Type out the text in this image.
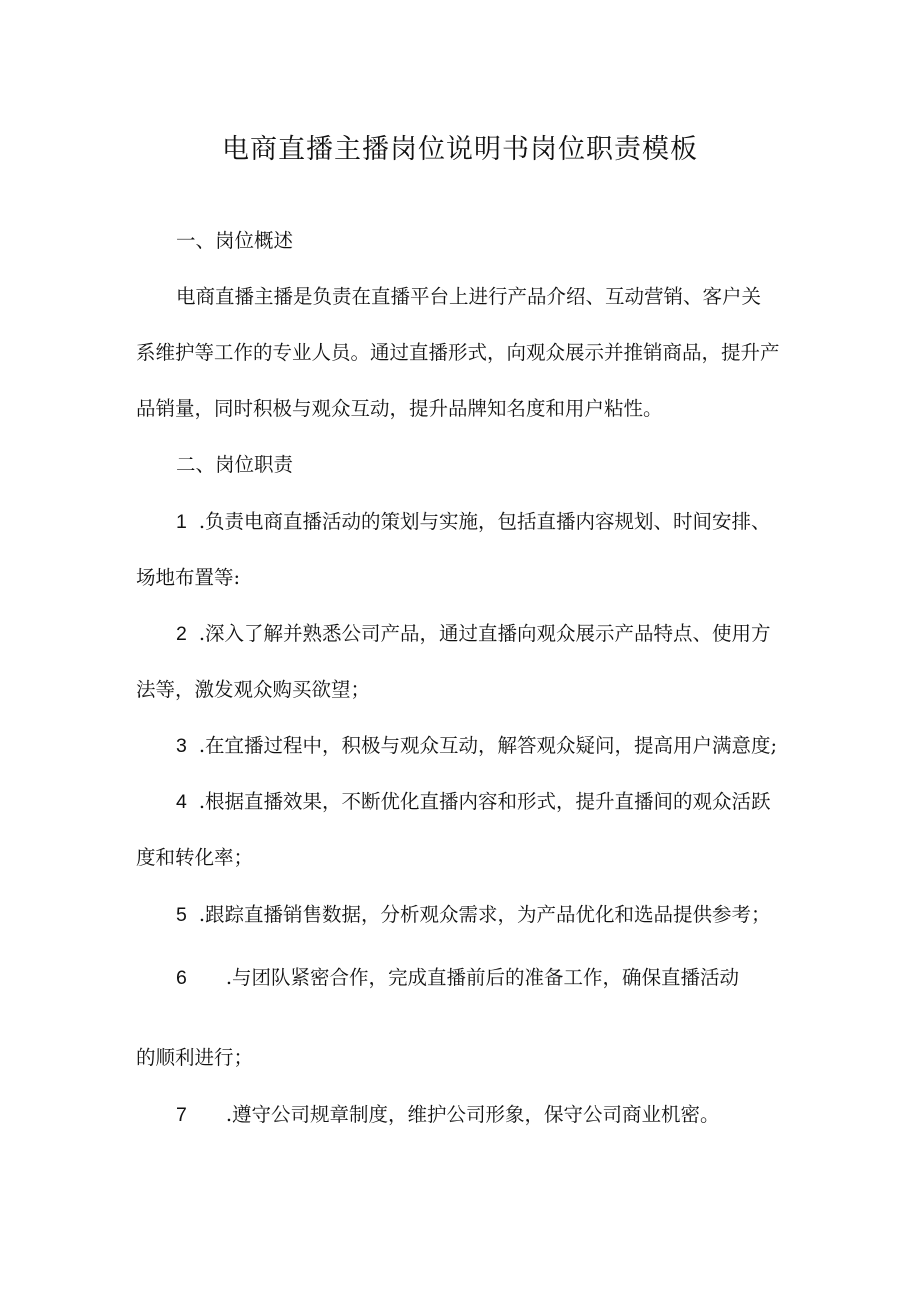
电商直播主播岗位说明书岗位职责模板
一、岗位概述
电商直播主播是负责在直播平台上进行产品介绍、互动营销、客户关
系维护等工作的专业人员。通过直播形式，向观众展示并推销商品，提升产
品销量，同时积极与观众互动，提升品牌知名度和用户粘性。
二、岗位职责
1 .负责电商直播活动的策划与实施，包括直播内容规划、时间安排、
场地布置等:
2 .深入了解并熟悉公司产品，通过直播向观众展示产品特点、使用方
法等，激发观众购买欲望；
3 .在宜播过程中，积极与观众互动，解答观众疑问，提高用户满意度;
4 .根据直播效果，不断优化直播内容和形式，提升直播间的观众活跃
度和转化率；
5 .跟踪直播销售数据，分析观众需求，为产品优化和选品提供参考；
6 .与团队紧密合作，完成直播前后的准备工作，确保直播活动
的顺利进行；
7 .遵守公司规章制度，维护公司形象，保守公司商业机密。
